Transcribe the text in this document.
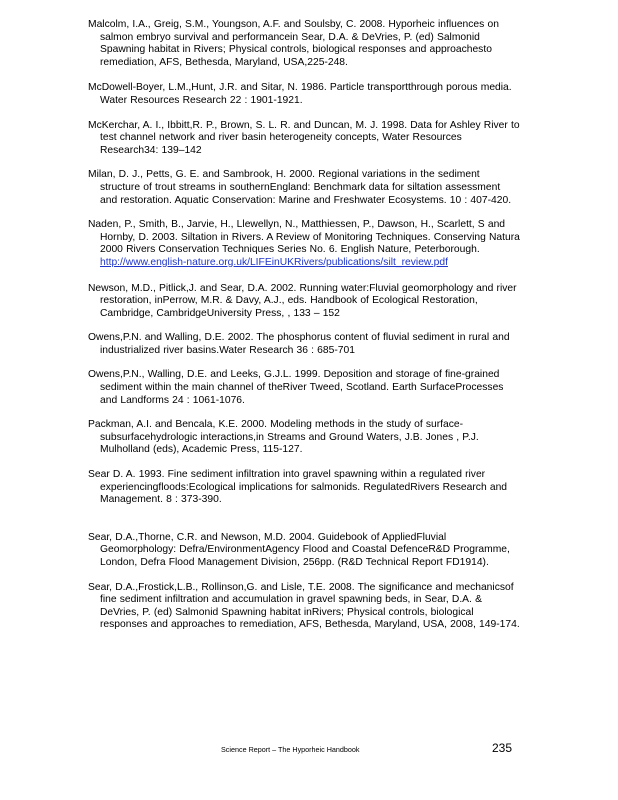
Malcolm, I.A., Greig, S.M., Youngson, A.F. and Soulsby, C. 2008. Hyporheic influences on salmon embryo survival and performancein Sear, D.A. & DeVries, P. (ed) Salmonid Spawning habitat in Rivers; Physical controls, biological responses and approachesto remediation, AFS, Bethesda, Maryland, USA,225-248.

McDowell-Boyer, L.M.,Hunt, J.R. and Sitar, N. 1986. Particle transportthrough porous media. Water Resources Research 22 : 1901-1921.

McKerchar, A. I., Ibbitt,R. P., Brown, S. L. R. and Duncan, M. J. 1998. Data for Ashley River to test channel network and river basin heterogeneity concepts, Water Resources Research34: 139–142

Milan, D. J., Petts, G. E. and Sambrook, H. 2000. Regional variations in the sediment structure of trout streams in southernEngland: Benchmark data for siltation assessment and restoration. Aquatic Conservation: Marine and Freshwater Ecosystems. 10 : 407-420.

Naden, P., Smith, B., Jarvie, H., Llewellyn, N., Matthiessen, P., Dawson, H., Scarlett, S and Hornby, D. 2003. Siltation in Rivers. A Review of Monitoring Techniques. Conserving Natura 2000 Rivers Conservation Techniques Series No. 6. English Nature, Peterborough. http://www.english-nature.org.uk/LIFEinUKRivers/publications/silt_review.pdf

Newson, M.D., Pitlick,J. and Sear, D.A. 2002. Running water:Fluvial geomorphology and river restoration, inPerrow, M.R. & Davy, A.J., eds. Handbook of Ecological Restoration, Cambridge, CambridgeUniversity Press, , 133 – 152

Owens,P.N. and Walling, D.E. 2002. The phosphorus content of fluvial sediment in rural and industrialized river basins.Water Research 36 : 685-701

Owens,P.N., Walling, D.E. and Leeks, G.J.L. 1999. Deposition and storage of fine-grained sediment within the main channel of theRiver Tweed, Scotland. Earth SurfaceProcesses and Landforms 24 : 1061-1076.

Packman, A.I. and Bencala, K.E. 2000. Modeling methods in the study of surface-subsurfacehydrologic interactions,in Streams and Ground Waters, J.B. Jones , P.J. Mulholland (eds), Academic Press, 115-127.

Sear D. A. 1993. Fine sediment infiltration into gravel spawning within a regulated river experiencingfloods:Ecological implications for salmonids. RegulatedRivers Research and Management. 8 : 373-390.

Sear, D.A.,Thorne, C.R. and Newson, M.D. 2004. Guidebook of AppliedFluvial Geomorphology: Defra/EnvironmentAgency Flood and Coastal DefenceR&D Programme, London, Defra Flood Management Division, 256pp. (R&D Technical Report FD1914).

Sear, D.A.,Frostick,L.B., Rollinson,G. and Lisle, T.E. 2008. The significance and mechanicsof fine sediment infiltration and accumulation in gravel spawning beds, in Sear, D.A. & DeVries, P. (ed) Salmonid Spawning habitat inRivers; Physical controls, biological responses and approaches to remediation, AFS, Bethesda, Maryland, USA, 2008, 149-174.

Science Report – The Hyporheic Handbook	235
